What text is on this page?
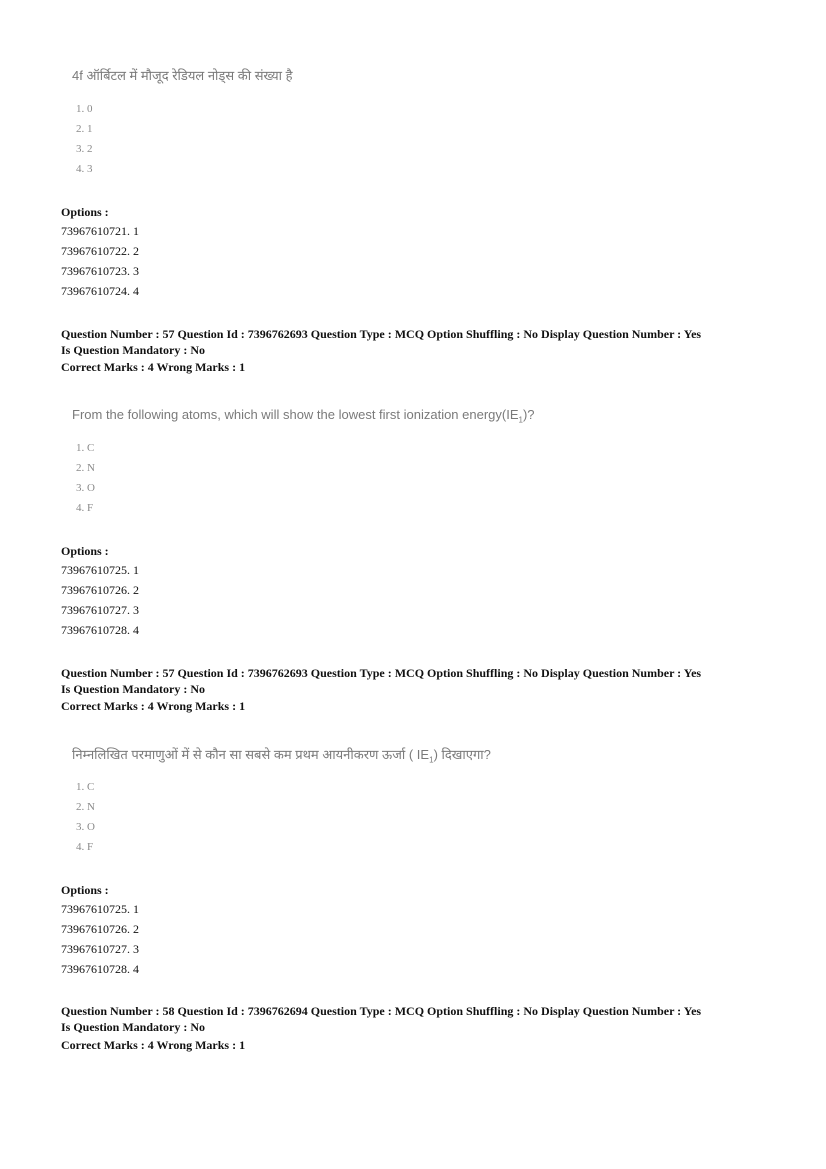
4f ऑर्बिटल में मौजूद रेडियल नोड्स की संख्या है
1. 0
2. 1
3. 2
4. 3
Options :
73967610721. 1
73967610722. 2
73967610723. 3
73967610724. 4
Question Number : 57 Question Id : 7396762693 Question Type : MCQ Option Shuffling : No Display Question Number : Yes
Is Question Mandatory : No
Correct Marks : 4 Wrong Marks : 1
From the following atoms, which will show the lowest first ionization $energy(IE_1)$?
1. C
2. N
3. O
4. F
Options :
73967610725. 1
73967610726. 2
73967610727. 3
73967610728. 4
Question Number : 57 Question Id : 7396762693 Question Type : MCQ Option Shuffling : No Display Question Number : Yes
Is Question Mandatory : No
Correct Marks : 4 Wrong Marks : 1
निम्नलिखित परमाणुओं में से कौन सा सबसे कम प्रथम आयनीकरण ऊर्जा ( $IE_1$) दिखाएगा?
1. C
2. N
3. O
4. F
Options :
73967610725. 1
73967610726. 2
73967610727. 3
73967610728. 4
Question Number : 58 Question Id : 7396762694 Question Type : MCQ Option Shuffling : No Display Question Number : Yes
Is Question Mandatory : No
Correct Marks : 4 Wrong Marks : 1
